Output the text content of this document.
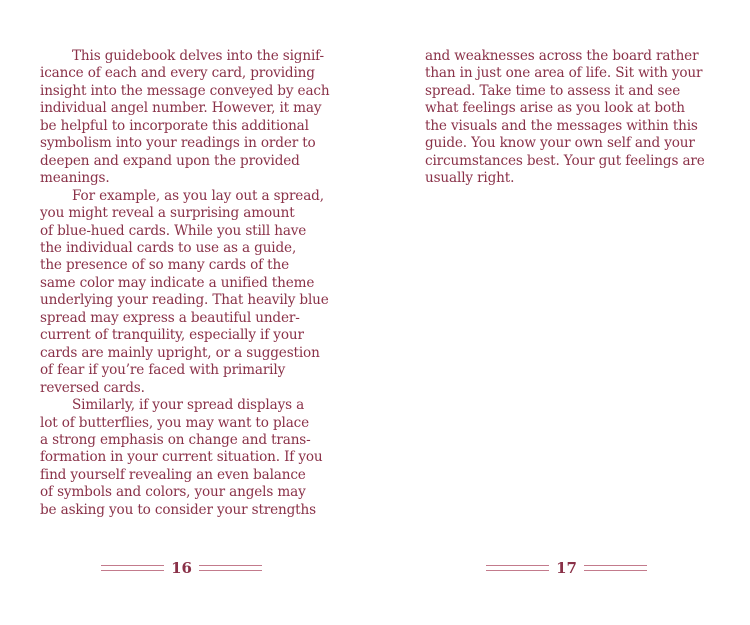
This guidebook delves into the signif-
icance of each and every card, providing
insight into the message conveyed by each
individual angel number. However, it may
be helpful to incorporate this additional
symbolism into your readings in order to
deepen and expand upon the provided
meanings.
For example, as you lay out a spread,
you might reveal a surprising amount
of blue-hued cards. While you still have
the individual cards to use as a guide,
the presence of so many cards of the
same color may indicate a unified theme
underlying your reading. That heavily blue
spread may express a beautiful under-
current of tranquility, especially if your
cards are mainly upright, or a suggestion
of fear if you’re faced with primarily
reversed cards.
Similarly, if your spread displays a
lot of butterflies, you may want to place
a strong emphasis on change and trans-
formation in your current situation. If you
find yourself revealing an even balance
of symbols and colors, your angels may
be asking you to consider your strengths
16
and weaknesses across the board rather
than in just one area of life. Sit with your
spread. Take time to assess it and see
what feelings arise as you look at both
the visuals and the messages within this
guide. You know your own self and your
circumstances best. Your gut feelings are
usually right.
17
